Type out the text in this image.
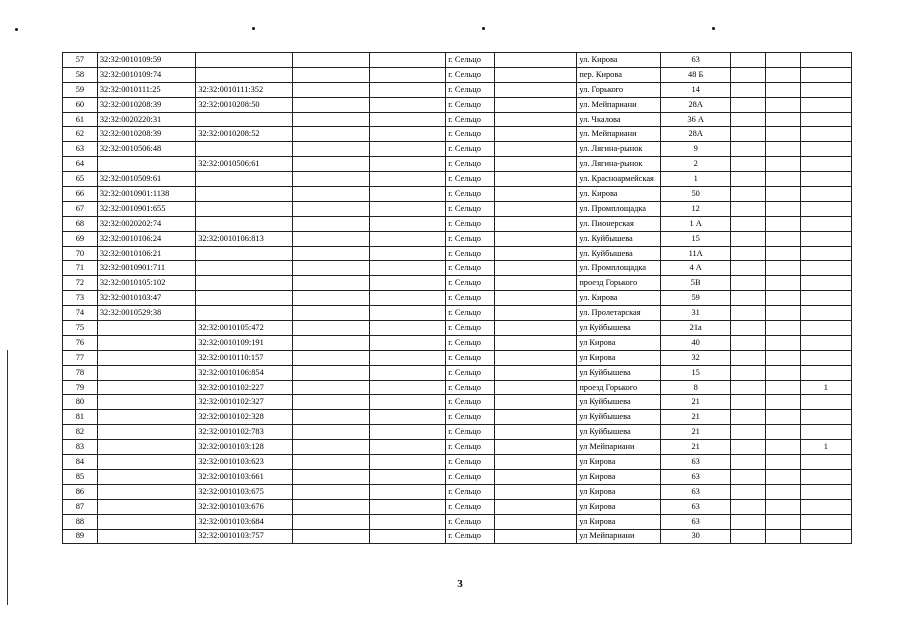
57	32:32:0010109:59				г. Сельцо		ул. Кирова	63			
58	32:32:0010109:74				г. Сельцо		пер. Кирова	48 Б			
59	32:32:0010111:25	32:32:0010111:352			г. Сельцо		ул. Горького	14			
60	32:32:0010208:39	32:32:0010208:50			г. Сельцо		ул. Мейпариани	28А			
61	32:32:0020220:31				г. Сельцо		ул. Чкалова	36 А			
62	32:32:0010208:39	32:32:0010208:52			г. Сельцо		ул. Мейпариани	28А			
63	32:32:0010506:48				г. Сельцо		ул. Лягина-рынок	9			
64		32:32:0010506:61			г. Сельцо		ул. Лягина-рынок	2			
65	32:32:0010509:61				г. Сельцо		ул. Красноармейская	1			
66	32:32:0010901:1138				г. Сельцо		ул. Кирова	50			
67	32:32:0010901:655				г. Сельцо		ул. Промплощадка	12			
68	32:32:0020202:74				г. Сельцо		ул. Пионерская	1 А			
69	32:32:0010106:24	32:32:0010106:813			г. Сельцо		ул. Куйбышева	15			
70	32:32:0010106:21				г. Сельцо		ул. Куйбышева	11А			
71	32:32:0010901:711				г. Сельцо		ул. Промплощадка	4 А			
72	32:32:0010105:102				г. Сельцо		проезд Горького	5В			
73	32:32:0010103:47				г. Сельцо		ул. Кирова	59			
74	32:32:0010529:38				г. Сельцо		ул. Пролетарская	31			
75		32:32:0010105:472			г. Сельцо		ул Куйбышева	21а			
76		32:32:0010109:191			г. Сельцо		ул Кирова	40			
77		32:32:0010110:157			г. Сельцо		ул Кирова	32			
78		32:32:0010106:854			г. Сельцо		ул Куйбышева	15			
79		32:32:0010102:227			г. Сельцо		проезд Горького	8			1
80		32:32:0010102:327			г. Сельцо		ул Куйбышева	21			
81		32:32:0010102:328			г. Сельцо		ул Куйбышева	21			
82		32:32:0010102:783			г. Сельцо		ул Куйбышева	21			
83		32:32:0010103:128			г. Сельцо		ул Мейпариани	21			1
84		32:32:0010103:623			г. Сельцо		ул Кирова	63			
85		32:32:0010103:661			г. Сельцо		ул Кирова	63			
86		32:32:0010103:675			г. Сельцо		ул Кирова	63			
87		32:32:0010103:676			г. Сельцо		ул Кирова	63			
88		32:32:0010103:684			г. Сельцо		ул Кирова	63			
89		32:32:0010103:757			г. Сельцо		ул Мейпариани	30			
3
